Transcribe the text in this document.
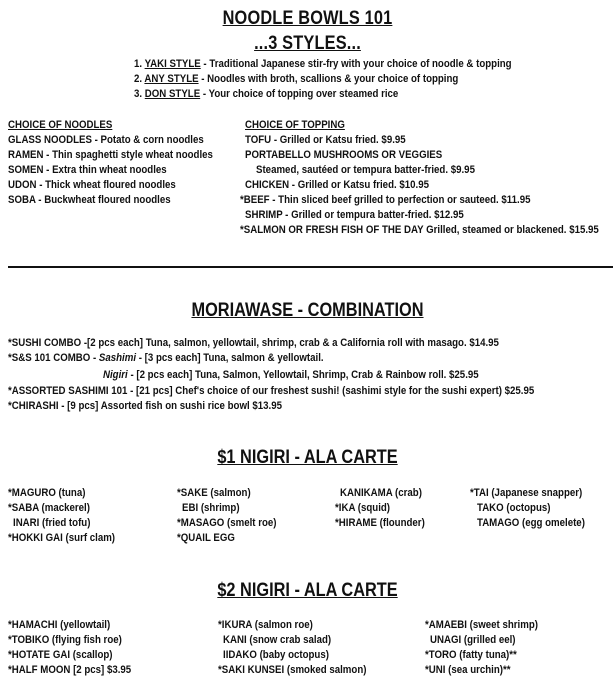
NOODLE BOWLS 101
...3 STYLES...
1. YAKI STYLE - Traditional Japanese stir-fry with your choice of noodle & topping
2. ANY STYLE - Noodles with broth, scallions & your choice of topping
3. DON STYLE - Your choice of topping over steamed rice
CHOICE OF NOODLES
GLASS NOODLES - Potato & corn noodles
RAMEN - Thin spaghetti style wheat noodles
SOMEN - Extra thin wheat noodles
UDON - Thick wheat floured noodles
SOBA - Buckwheat floured noodles
CHOICE OF TOPPING
TOFU - Grilled or Katsu fried. $9.95
PORTABELLO MUSHROOMS OR VEGGIES
Steamed, sautéed or tempura batter-fried. $9.95
CHICKEN - Grilled or Katsu fried. $10.95
*BEEF - Thin sliced beef grilled to perfection or sauteed. $11.95
SHRIMP - Grilled or tempura batter-fried. $12.95
*SALMON OR FRESH FISH OF THE DAY Grilled, steamed or blackened. $15.95
MORIAWASE - COMBINATION
*SUSHI COMBO -[2 pcs each] Tuna, salmon, yellowtail, shrimp, crab & a California roll with masago. $14.95
*S&S 101 COMBO - Sashimi - [3 pcs each] Tuna, salmon & yellowtail.
Nigiri - [2 pcs each] Tuna, Salmon, Yellowtail, Shrimp, Crab & Rainbow roll. $25.95
*ASSORTED SASHIMI 101 - [21 pcs] Chef's choice of our freshest sushi! (sashimi style for the sushi expert) $25.95
*CHIRASHI - [9 pcs] Assorted fish on sushi rice bowl $13.95
$1 NIGIRI - ALA CARTE
*MAGURO (tuna)
*SABA (mackerel)
INARI (fried tofu)
*HOKKI GAI (surf clam)
*SAKE (salmon)
EBI (shrimp)
*MASAGO (smelt roe)
*QUAIL EGG
KANIKAMA (crab)
*IKA (squid)
*HIRAME (flounder)
*TAI (Japanese snapper)
TAKO (octopus)
TAMAGO (egg omelete)
$2 NIGIRI - ALA CARTE
*HAMACHI (yellowtail)
*TOBIKO (flying fish roe)
*HOTATE GAI (scallop)
*HALF MOON [2 pcs] $3.95
*IKURA (salmon roe)
KANI (snow crab salad)
IIDAKO (baby octopus)
*SAKI KUNSEI (smoked salmon)
*AMAEBI (sweet shrimp)
UNAGI (grilled eel)
*TORO (fatty tuna)**
*UNI (sea urchin)**
